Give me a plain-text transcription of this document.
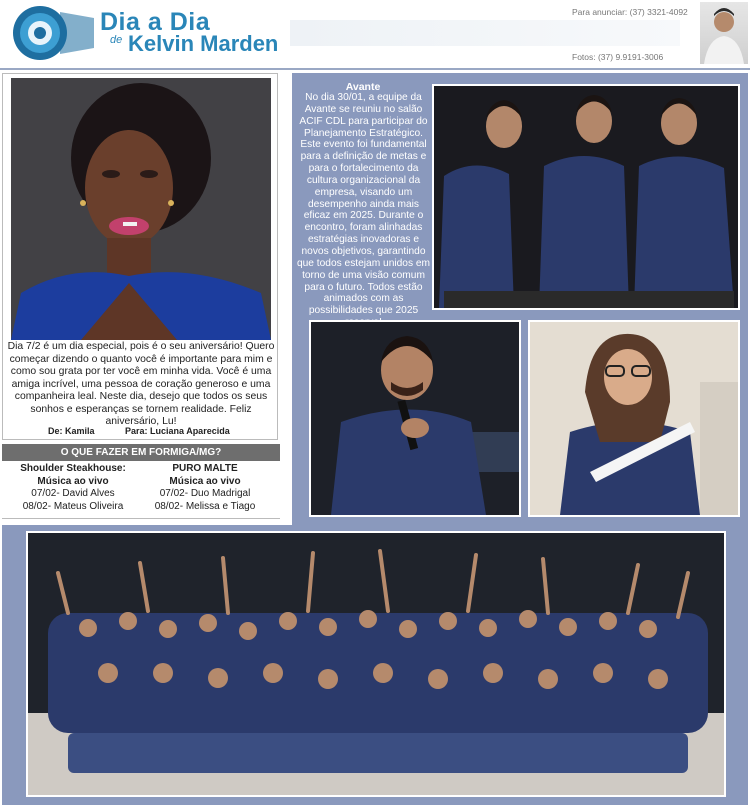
Dia a Dia
de Kelvin Marden
Para anunciar: (37) 3321-4092
Fotos: (37) 9.9191-3006
Dia 7/2 é um dia especial, pois é o seu aniversário! Quero começar dizendo o quanto você é importante para mim e como sou grata por ter você em minha vida. Você é uma amiga incrível, uma pessoa de coração generoso e uma companheira leal. Neste dia, desejo que todos os seus sonhos e esperanças se tornem realidade. Feliz aniversário, Lu!
De: Kamila	Para: Luciana Aparecida
O QUE FAZER EM FORMIGA/MG?
Shoulder Steakhouse:
Música ao vivo
07/02- David Alves
08/02- Mateus Oliveira
PURO MALTE
Música ao vivo
07/02- Duo Madrigal
08/02- Melissa e Tiago
Avante
No dia 30/01, a equipe da Avante se reuniu no salão ACIF CDL para participar do Planejamento Estratégico. Este evento foi fundamental para a definição de metas e para o fortalecimento da cultura organizacional da empresa, visando um desempenho ainda mais eficaz em 2025. Durante o encontro, foram alinhadas estratégias inovadoras e novos objetivos, garantindo que todos estejam unidos em torno de uma visão comum para o futuro. Todos estão animados com as possibilidades que 2025
